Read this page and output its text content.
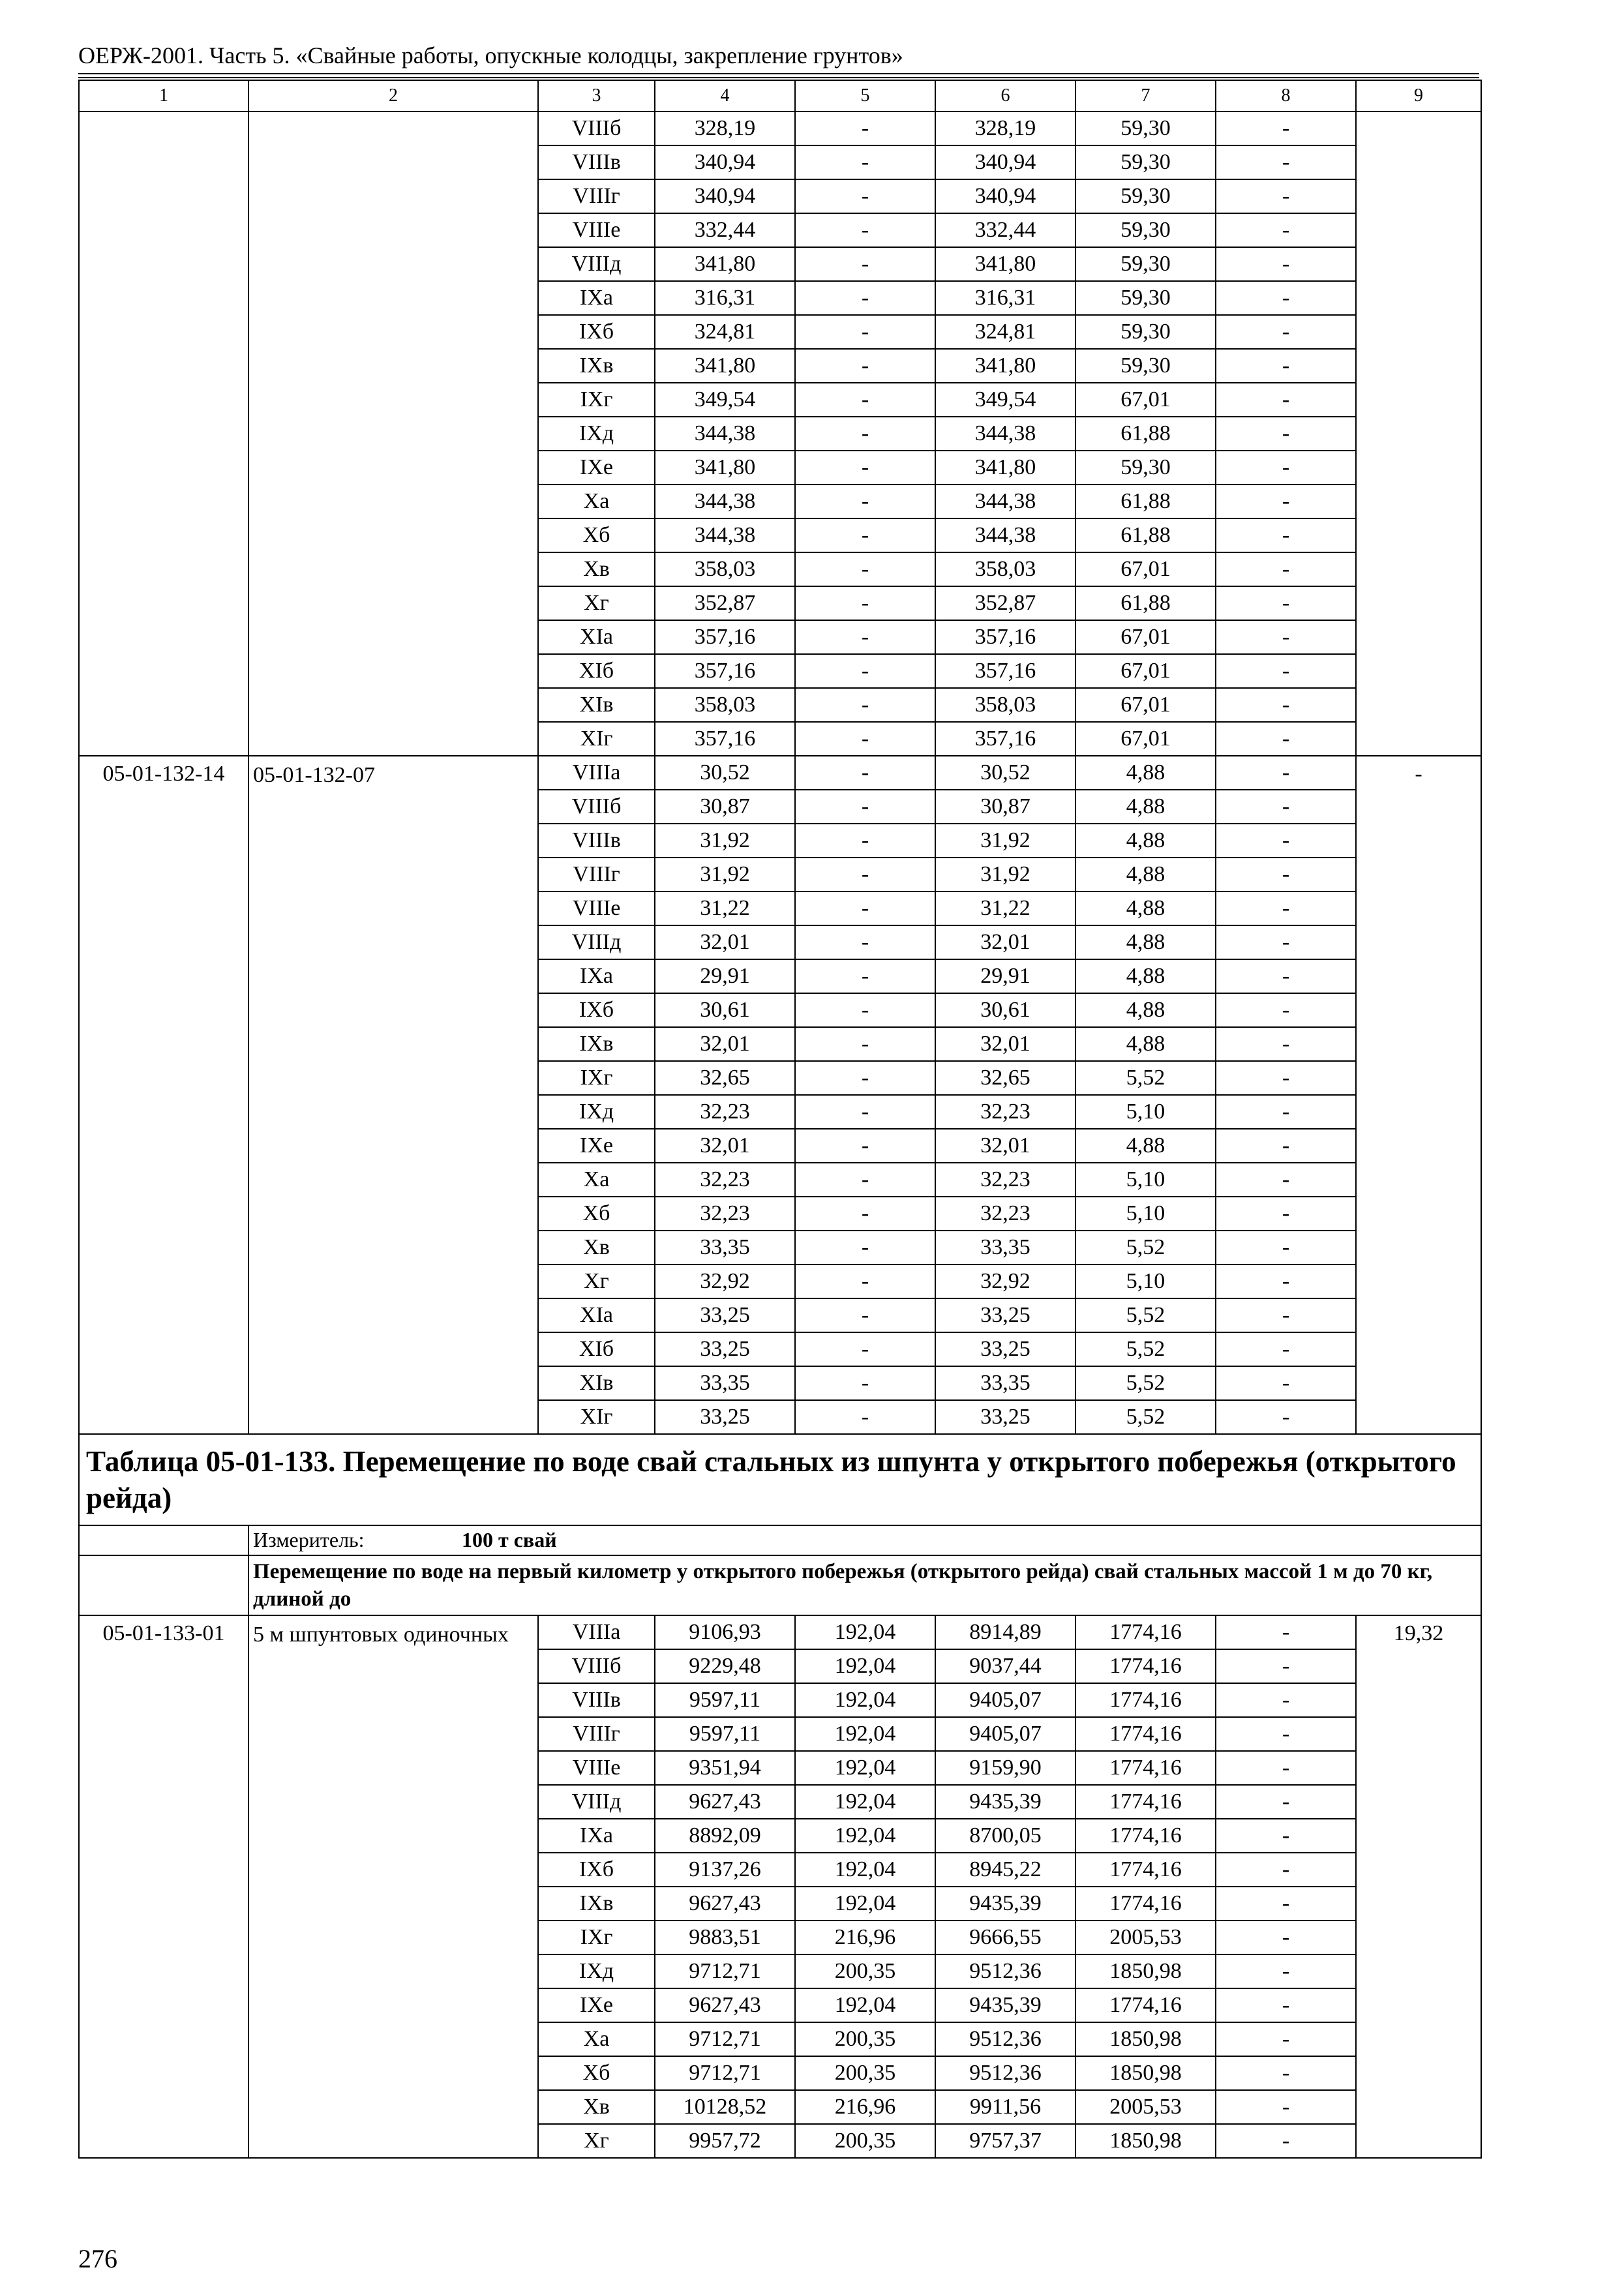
ОЕРЖ-2001. Часть 5. «Свайные работы, опускные колодцы, закрепление грунтов»
1	2	3	4	5	6	7	8	9
		VIIIб	328,19	-	328,19	59,30	-	
		VIIIв	340,94	-	340,94	59,30	-	
		VIIIг	340,94	-	340,94	59,30	-	
		VIIIе	332,44	-	332,44	59,30	-	
		VIIIд	341,80	-	341,80	59,30	-	
		IXа	316,31	-	316,31	59,30	-	
		IXб	324,81	-	324,81	59,30	-	
		IXв	341,80	-	341,80	59,30	-	
		IXг	349,54	-	349,54	67,01	-	
		IXд	344,38	-	344,38	61,88	-	
		IXе	341,80	-	341,80	59,30	-	
		Xа	344,38	-	344,38	61,88	-	
		Xб	344,38	-	344,38	61,88	-	
		Xв	358,03	-	358,03	67,01	-	
		Xг	352,87	-	352,87	61,88	-	
		XIа	357,16	-	357,16	67,01	-	
		XIб	357,16	-	357,16	67,01	-	
		XIв	358,03	-	358,03	67,01	-	
		XIг	357,16	-	357,16	67,01	-	
05-01-132-14	05-01-132-07	VIIIа	30,52	-	30,52	4,88	-	-
		VIIIб	30,87	-	30,87	4,88	-	
		VIIIв	31,92	-	31,92	4,88	-	
		VIIIг	31,92	-	31,92	4,88	-	
		VIIIе	31,22	-	31,22	4,88	-	
		VIIIд	32,01	-	32,01	4,88	-	
		IXа	29,91	-	29,91	4,88	-	
		IXб	30,61	-	30,61	4,88	-	
		IXв	32,01	-	32,01	4,88	-	
		IXг	32,65	-	32,65	5,52	-	
		IXд	32,23	-	32,23	5,10	-	
		IXе	32,01	-	32,01	4,88	-	
		Xа	32,23	-	32,23	5,10	-	
		Xб	32,23	-	32,23	5,10	-	
		Xв	33,35	-	33,35	5,52	-	
		Xг	32,92	-	32,92	5,10	-	
		XIа	33,25	-	33,25	5,52	-	
		XIб	33,25	-	33,25	5,52	-	
		XIв	33,35	-	33,35	5,52	-	
		XIг	33,25	-	33,25	5,52	-	
Таблица 05-01-133. Перемещение по воде свай стальных из шпунта у открытого побережья (открытого рейда)								
	Измеритель: 100 т свай							
	Перемещение по воде на первый километр у открытого побережья (открытого рейда) свай стальных массой 1 м до 70 кг, длиной до							
05-01-133-01	5 м шпунтовых одиночных	VIIIа	9106,93	192,04	8914,89	1774,16	-	19,32
		VIIIб	9229,48	192,04	9037,44	1774,16	-	
		VIIIв	9597,11	192,04	9405,07	1774,16	-	
		VIIIг	9597,11	192,04	9405,07	1774,16	-	
		VIIIе	9351,94	192,04	9159,90	1774,16	-	
		VIIIд	9627,43	192,04	9435,39	1774,16	-	
		IXа	8892,09	192,04	8700,05	1774,16	-	
		IXб	9137,26	192,04	8945,22	1774,16	-	
		IXв	9627,43	192,04	9435,39	1774,16	-	
		IXг	9883,51	216,96	9666,55	2005,53	-	
		IXд	9712,71	200,35	9512,36	1850,98	-	
		IXе	9627,43	192,04	9435,39	1774,16	-	
		Xа	9712,71	200,35	9512,36	1850,98	-	
		Xб	9712,71	200,35	9512,36	1850,98	-	
		Xв	10128,52	216,96	9911,56	2005,53	-	
		Xг	9957,72	200,35	9757,37	1850,98	-	
276
